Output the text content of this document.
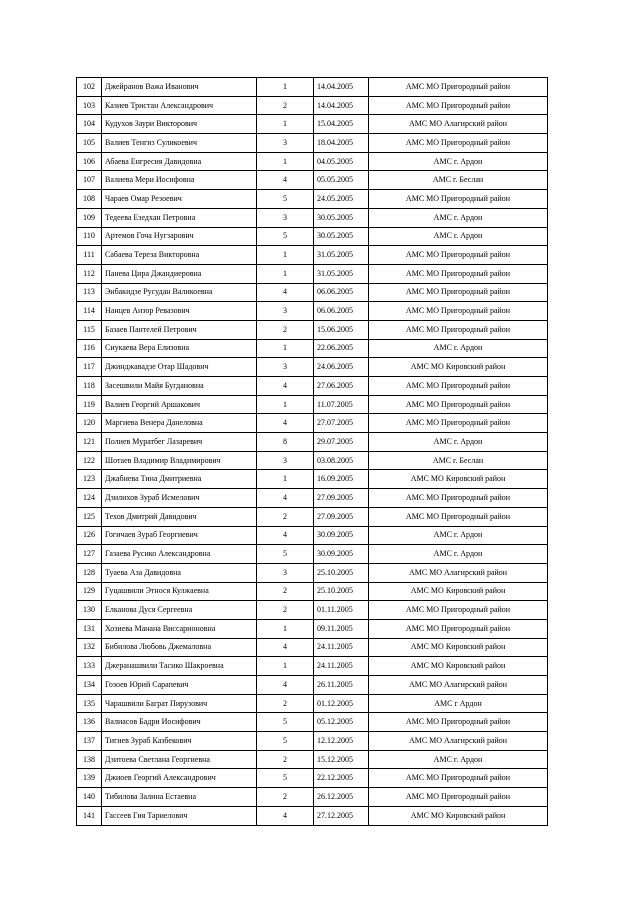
102	Джейранов Важа Иванович	1	14.04.2005	АМС МО Пригородный район
103	Казиев Тристан Александрович	2	14.04.2005	АМС МО Пригородный район
104	Кудухов Заури Викторович	1	15.04.2005	АМС МО Алагирский район
105	Валиев Тенгиз Суликоевич	3	18.04.2005	АМС МО Пригородный район
106	Абаева Енгресия Давидовна	1	04.05.2005	АМС г. Ардон
107	Валиева Мери Иосифовна	4	05.05.2005	АМС г. Беслан
108	Чараев Омар Резоевич	5	24.05.2005	АМС МО Пригородный район
109	Тедеева Езедхан Петровна	3	30.05.2005	АМС г. Ардон
110	Артемов Гоча Нугзарович	5	30.05.2005	АМС г. Ардон
111	Сабаева Тереза Викторовна	1	31.05.2005	АМС МО Пригородный район
112	Панева Цира Джандиеровна	1	31.05.2005	АМС МО Пригородный район
113	Эибакидзе Русудан Валикоевна	4	06.06.2005	АМС МО Пригородный район
114	Нанцев Анзор Ревазович	3	06.06.2005	АМС МО Пригородный район
115	Базаев Пантелей Петрович	2	15.06.2005	АМС МО Пригородный район
116	Сиукаева Вера Елизовна	1	22.06.2005	АМС г. Ардон
117	Джинджавадзе Отар Шадович	3	24.06.2005	АМС МО Кировский район
118	Засешвили Майя Бугдановна	4	27.06.2005	АМС МО Пригородный район
119	Валиев Георгий Аршакович	1	11.07.2005	АМС МО Пригородный район
120	Маргиева Венера Данеловна	4	27.07.2005	АМС МО Пригородный район
121	Полиев Муратбег Лазаревич	8	29.07.2005	АМС г. Ардон
122	Шотаев Владимир Владимирович	3	03.08.2005	АМС г. Беслан
123	Джабиева Тина Дмитриевна	1	16.09.2005	АМС МО Кировский район
124	Дзилихов Зураб Исмелович	4	27.09.2005	АМС МО Пригородный район
125	Техов Дмитрий Давидович	2	27.09.2005	АМС МО Пригородный район
126	Гогичаев Зураб Георгиевич	4	30.09.2005	АМС г. Ардон
127	Газаева Русико Александровна	5	30.09.2005	АМС г. Ардон
128	Туаева Аза Давидовна	3	25.10.2005	АМС МО Алагирский район
129	Гуцашвили Этнося Кулжаевна	2	25.10.2005	АМС МО Кировский район
130	Елканова Дуся Сергеевна	2	01.11.2005	АМС МО Пригородный район
131	Хозиева Манана Виссарионовна	1	09.11.2005	АМС МО Пригородный район
132	Бибилова Любовь Джемаловна	4	24.11.2005	АМС МО Кировский район
133	Джеранашвили Тасико Шакроевна	1	24.11.2005	АМС МО Кировский район
134	Гозоев Юрий Сарапевич	4	26.11.2005	АМС МО Алагирский район
135	Чарашвили Баграт Пирузович	2	01.12.2005	АМС г Ардон
136	Валиасов Бадри Иосифович	5	05.12.2005	АМС МО Пригородный район
137	Тигиев Зураб Казбекович	5	12.12.2005	АМС МО Алагирский район
138	Дзитоева Светлана Георгиевна	2	15.12.2005	АМС г. Ардон
139	Джиоев Георгий Александрович	5	22.12.2005	АМС МО Пригородный район
140	Тибилова Залина Естаевна	2	26.12.2005	АМС МО Пригородный район
141	Гассеев Гия Тариелович	4	27.12.2005	АМС МО Кировский район
